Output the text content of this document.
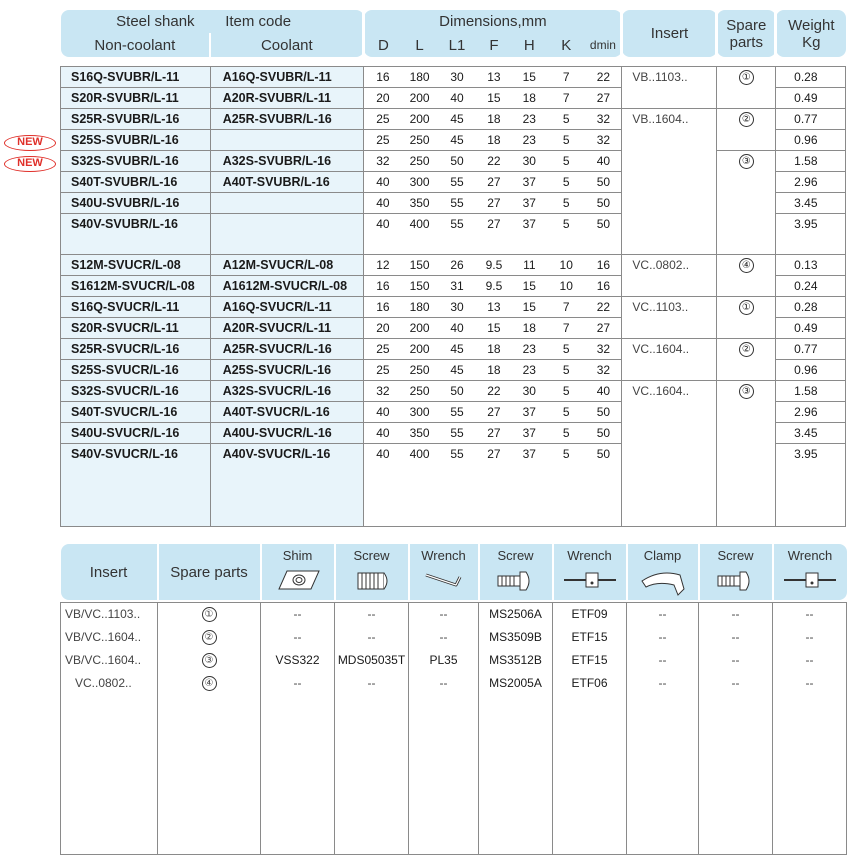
NEW
NEW
Steel shank	Item code	Dimensions,mm							Insert	Spare
parts	Weight
Kg
Non-coolant	Coolant	D	L	L1	F	H	K	dmin			

S16Q-SVUBR/L-11	A16Q-SVUBR/L-11	16	180	30	13	15	7	22	VB..1103..	①	0.28
S20R-SVUBR/L-11	A20R-SVUBR/L-11	20	200	40	15	18	7	27			0.49
S25R-SVUBR/L-16	A25R-SVUBR/L-16	25	200	45	18	23	5	32	VB..1604..	②	0.77
S25S-SVUBR/L-16		25	250	45	18	23	5	32			0.96
S32S-SVUBR/L-16	A32S-SVUBR/L-16	32	250	50	22	30	5	40		③	1.58
S40T-SVUBR/L-16	A40T-SVUBR/L-16	40	300	55	27	37	5	50			2.96
S40U-SVUBR/L-16		40	350	55	27	37	5	50			3.45
S40V-SVUBR/L-16		40	400	55	27	37	5	50			3.95

S12M-SVUCR/L-08	A12M-SVUCR/L-08	12	150	26	9.5	11	10	16	VC..0802..	④	0.13
S1612M-SVUCR/L-08	A1612M-SVUCR/L-08	16	150	31	9.5	15	10	16			0.24
S16Q-SVUCR/L-11	A16Q-SVUCR/L-11	16	180	30	13	15	7	22	VC..1103..	①	0.28
S20R-SVUCR/L-11	A20R-SVUCR/L-11	20	200	40	15	18	7	27			0.49
S25R-SVUCR/L-16	A25R-SVUCR/L-16	25	200	45	18	23	5	32	VC..1604..	②	0.77
S25S-SVUCR/L-16	A25S-SVUCR/L-16	25	250	45	18	23	5	32			0.96
S32S-SVUCR/L-16	A32S-SVUCR/L-16	32	250	50	22	30	5	40	VC..1604..	③	1.58
S40T-SVUCR/L-16	A40T-SVUCR/L-16	40	300	55	27	37	5	50			2.96
S40U-SVUCR/L-16	A40U-SVUCR/L-16	40	350	55	27	37	5	50			3.45
S40V-SVUCR/L-16	A40V-SVUCR/L-16	40	400	55	27	37	5	50			3.95

Insert	Spare parts	Shim	Screw	Wrench	Screw	Wrench	Clamp	Screw	Wrench

VB/VC..1103..	①	--	--	--	MS2506A	ETF09	--	--	--
VB/VC..1604..	②	--	--	--	MS3509B	ETF15	--	--	--
VB/VC..1604..	③	VSS322	MDS05035T	PL35	MS3512B	ETF15	--	--	--
VC..0802..	④	--	--	--	MS2005A	ETF06	--	--	--
